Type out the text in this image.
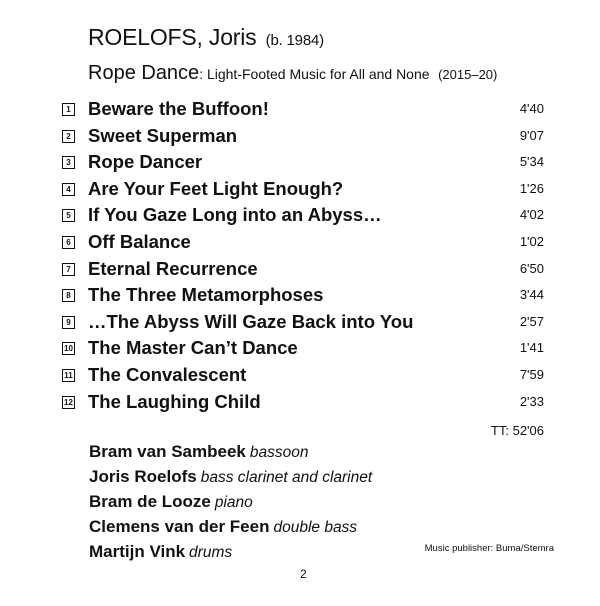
ROELOFS, Joris (b. 1984)
Rope Dance: Light-Footed Music for All and None (2015–20)
1 Beware the Buffoon!	4'40
2 Sweet Superman	9'07
3 Rope Dancer	5'34
4 Are Your Feet Light Enough?	1'26
5 If You Gaze Long into an Abyss…	4'02
6 Off Balance	1'02
7 Eternal Recurrence	6'50
8 The Three Metamorphoses	3'44
9 …The Abyss Will Gaze Back into You	2'57
10 The Master Can’t Dance	1'41
11 The Convalescent	7'59
12 The Laughing Child	2'33
TT: 52'06
Bram van Sambeek bassoon
Joris Roelofs bass clarinet and clarinet
Bram de Looze piano
Clemens van der Feen double bass
Martijn Vink drums	Music publisher: Buma/Stemra
2
